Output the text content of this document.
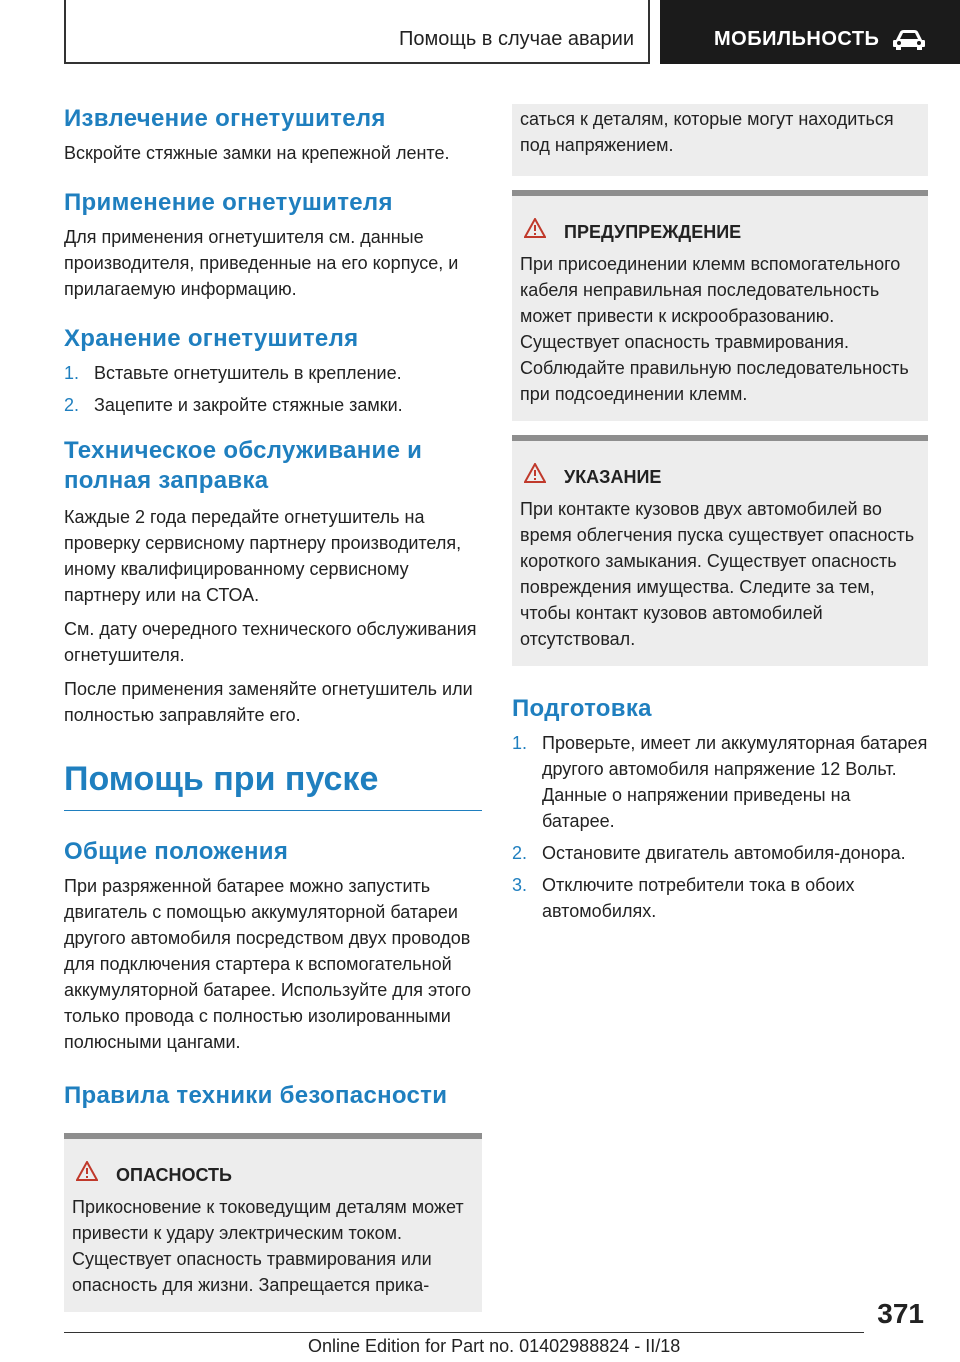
Помощь в случае аварии	МОБИЛЬНОСТЬ
Извлечение огнетушителя

Вскройте стяжные замки на крепежной ленте.

Применение огнетушителя

Для применения огнетушителя см. данные производителя, приведенные на его корпусе, и прилагаемую информацию.

Хранение огнетушителя
1. Вставьте огнетушитель в крепление.
2. Зацепите и закройте стяжные замки.
Техническое обслуживание и полная заправка

Каждые 2 года передайте огнетушитель на проверку сервисному партнеру производителя, иному квалифицированному сервисному партнеру или на СТОА.

См. дату очередного технического обслуживания огнетушителя.

После применения заменяйте огнетушитель или полностью заправляйте его.

Помощь при пуске
Общие положения

При разряженной батарее можно запустить двигатель с помощью аккумуляторной батареи другого автомобиля посредством двух проводов для подключения стартера к вспомогательной аккумуляторной батарее. Используйте для этого только провода с полностью изолированными полюсными цангами.

Правила техники безопасности
ОПАСНОСТЬ

Прикосновение к токоведущим деталям может привести к удару электрическим током. Существует опасность травмирования или опасность для жизни. Запрещается прика-

саться к деталям, которые могут находиться под напряжением.

ПРЕДУПРЕЖДЕНИЕ

При присоединении клемм вспомогательного кабеля неправильная последовательность может привести к искрообразованию. Существует опасность травмирования. Соблюдайте правильную последовательность при подсоединении клемм.

УКАЗАНИЕ

При контакте кузовов двух автомобилей во время облегчения пуска существует опасность короткого замыкания. Существует опасность повреждения имущества. Следите за тем, чтобы контакт кузовов автомобилей отсутствовал.

Подготовка
1. Проверьте, имеет ли аккумуляторная батарея другого автомобиля напряжение 12 Вольт. Данные о напряжении приведены на батарее.
2. Остановите двигатель автомобиля-донора.
3. Отключите потребители тока в обоих автомобилях.
371
Online Edition for Part no. 01402988824 - II/18
